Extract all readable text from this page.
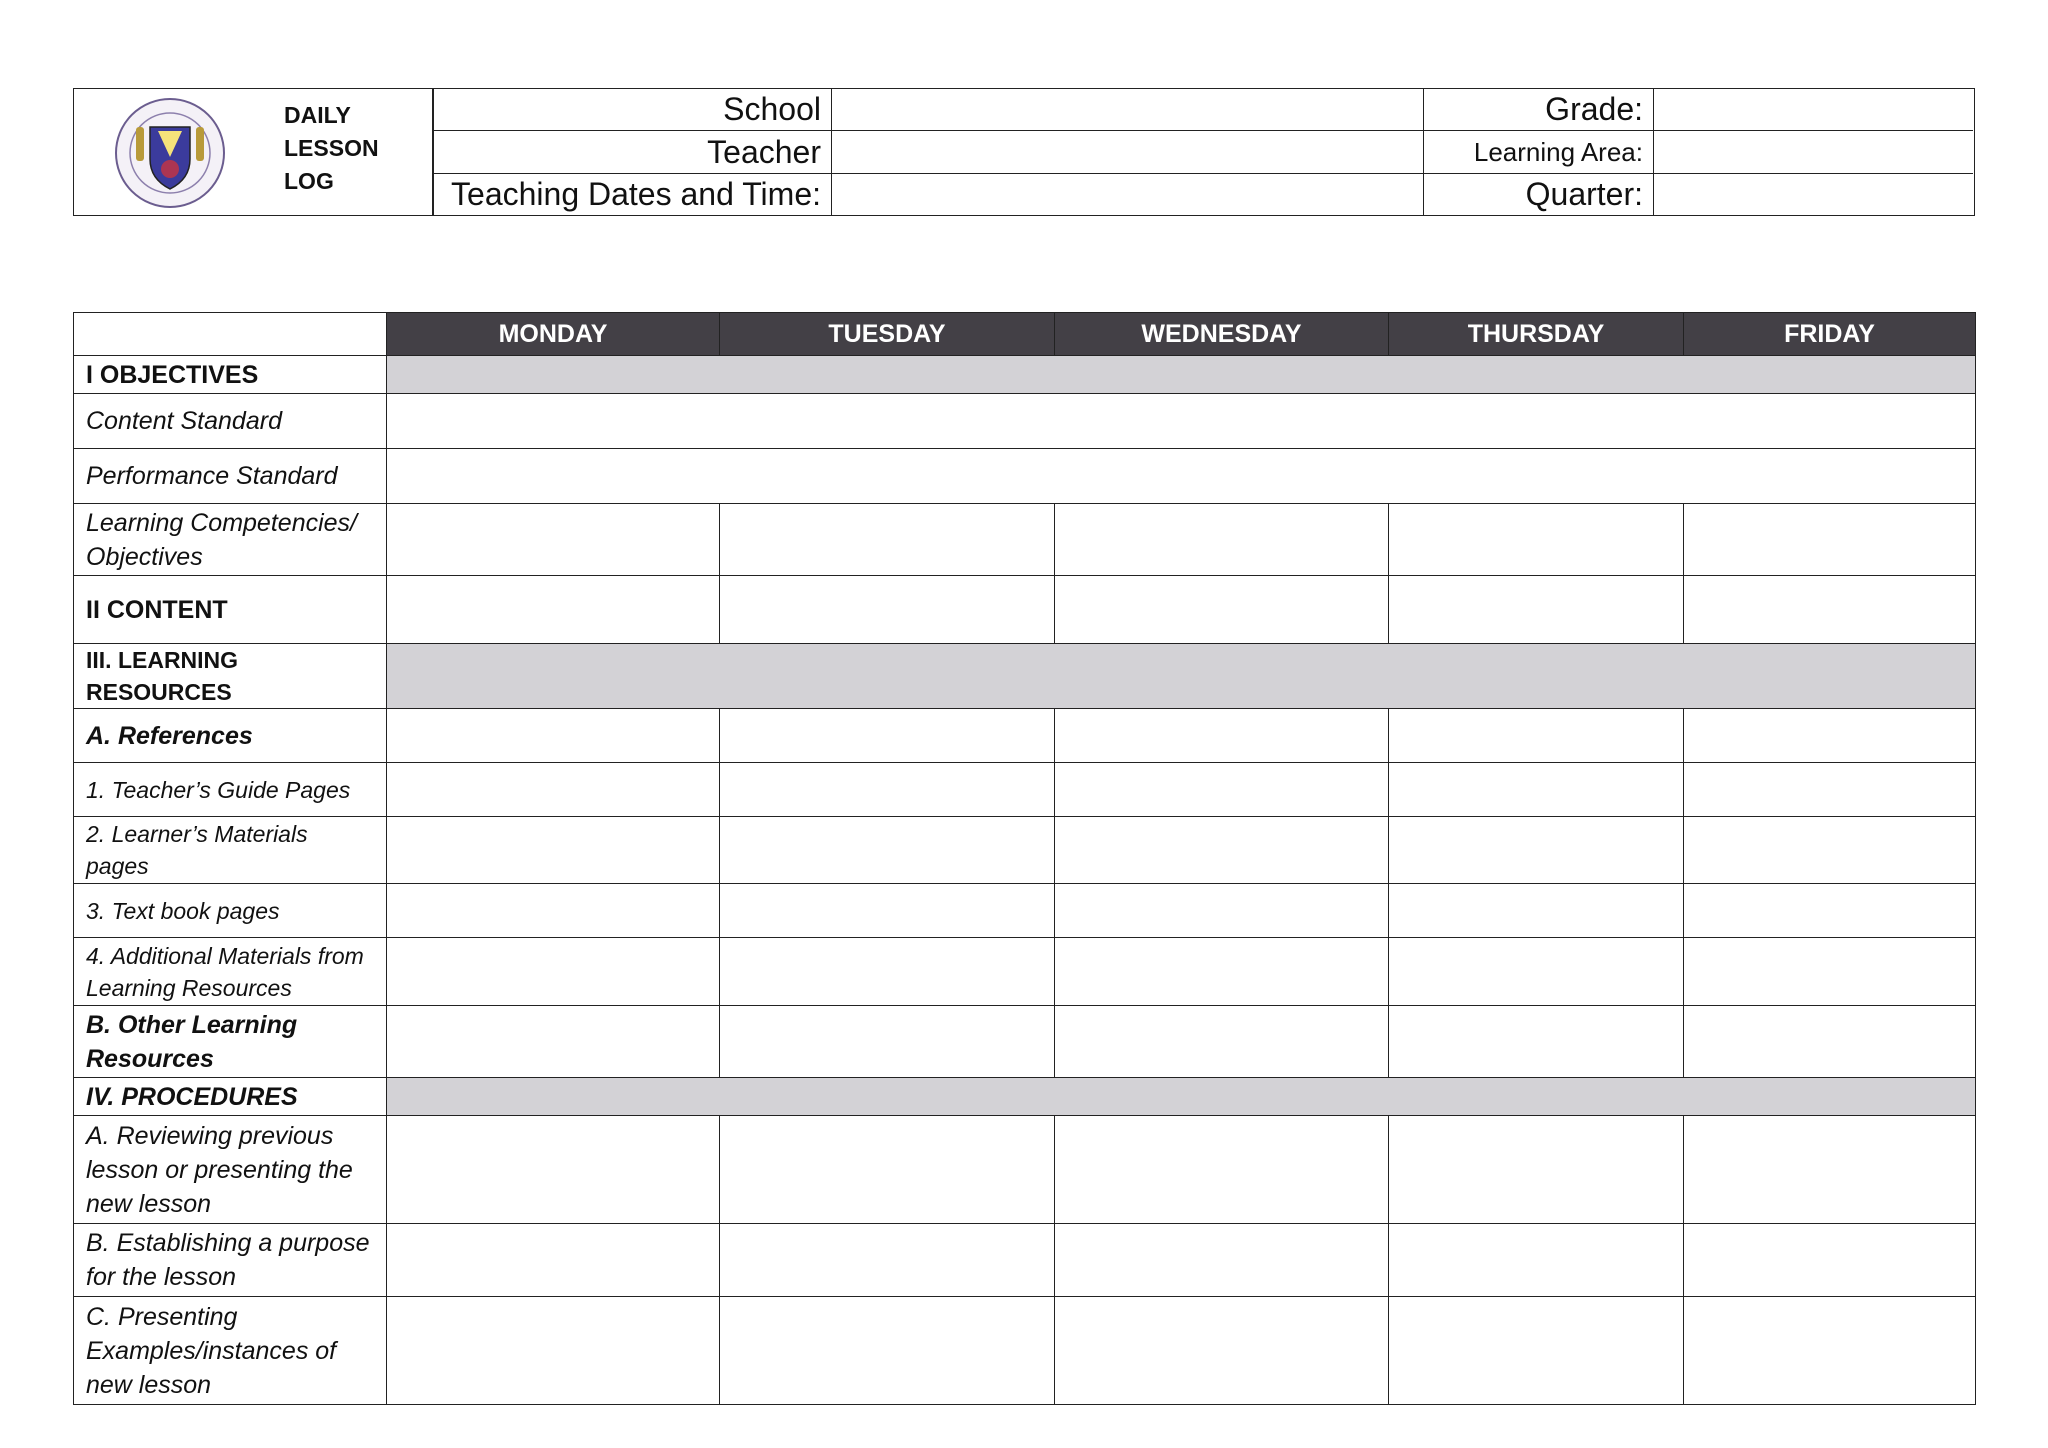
DAILY
LESSON
LOG
School	Grade:
Teacher	Learning Area:
Teaching Dates and Time:	Quarter:
	MONDAY	TUESDAY	WEDNESDAY	THURSDAY	FRIDAY
I OBJECTIVES					
Content Standard					
Performance Standard					
Learning Competencies/ Objectives					
II CONTENT					
III. LEARNING RESOURCES					
A. References					
1. Teacher’s Guide Pages					
2. Learner’s Materials pages					
3. Text book pages					
4. Additional Materials from Learning Resources					
B. Other Learning Resources					
IV. PROCEDURES					
A. Reviewing previous lesson or presenting the new lesson					
B. Establishing a purpose for the lesson					
C. Presenting Examples/instances of new lesson					
